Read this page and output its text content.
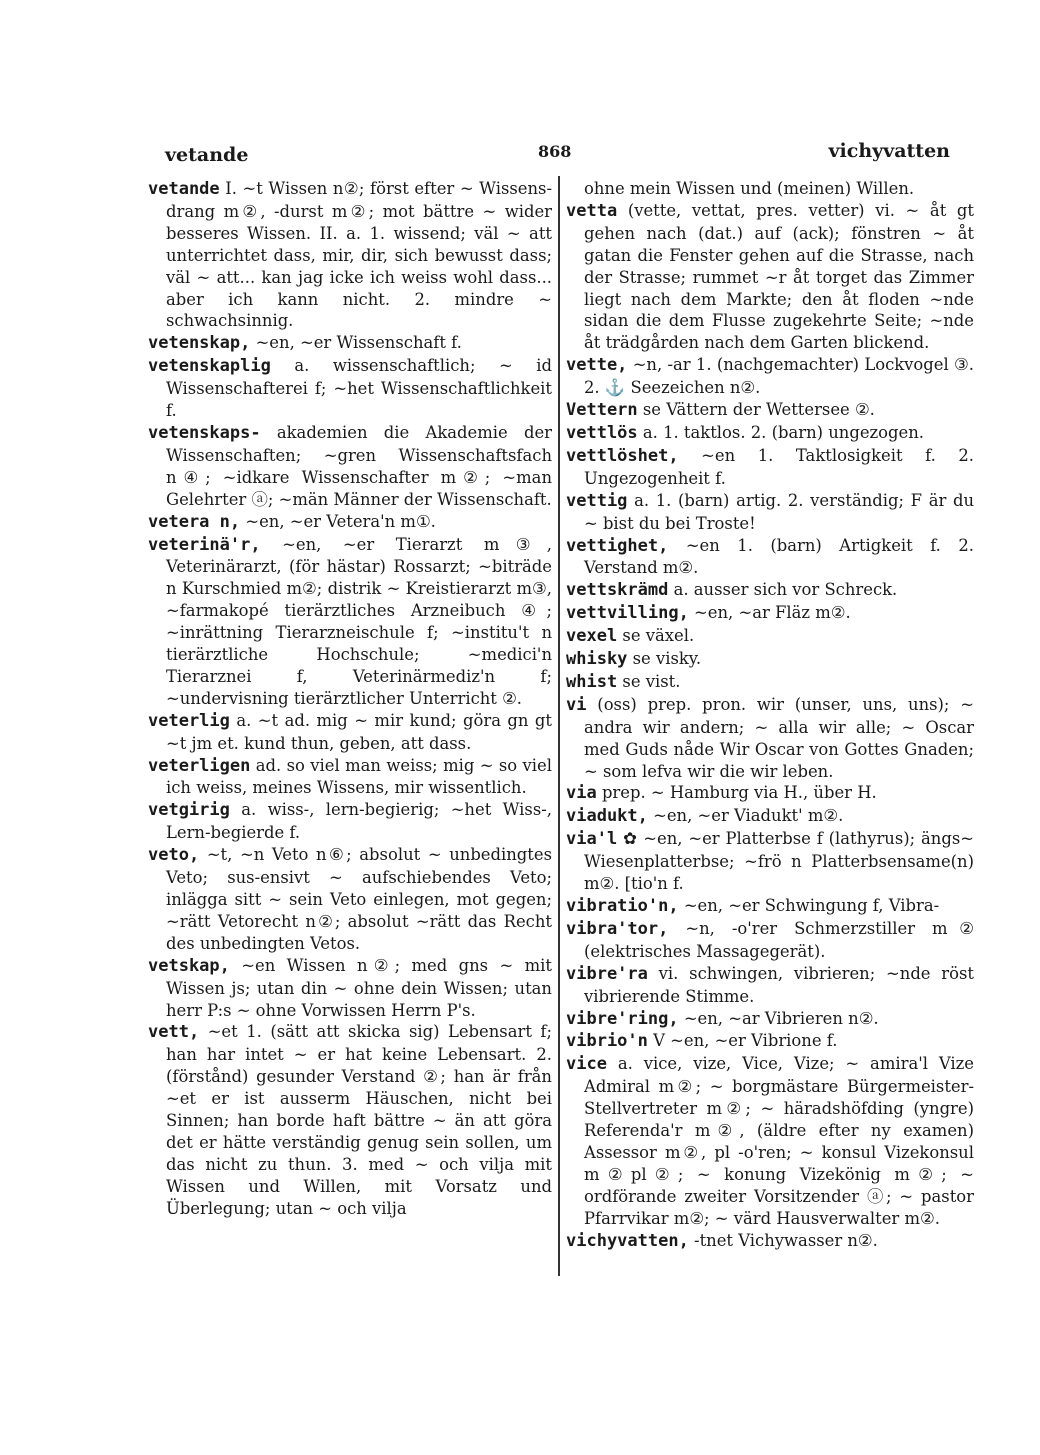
vetande	868	vichyvatten

vetande I. ~t Wissen n②; först efter ~ Wissens-drang m②, -durst m②; mot bättre ~ wider besseres Wissen. II. a. 1. wissend; väl ~ att unterrichtet dass, mir, dir, sich bewusst dass; väl ~ att... kan jag icke ich weiss wohl dass... aber ich kann nicht. 2. mindre ~ schwachsinnig.

vetenskap, ~en, ~er Wissenschaft f.

vetenskaplig a. wissenschaftlich; ~ id Wissenschafterei f; ~het Wissenschaftlichkeit f.

vetenskaps- akademien die Akademie der Wissenschaften; ~gren Wissenschaftsfach n④; ~idkare Wissenschafter m②; ~man Gelehrter ⓐ; ~män Männer der Wissenschaft.

vetera n, ~en, ~er Vetera'n m①.

veterinä'r, ~en, ~er Tierarzt m③, Veterinärarzt, (för hästar) Rossarzt; ~biträde n Kurschmied m②; distrik ~ Kreistierarzt m③, ~farmakopé tierärztliches Arzneibuch ④; ~inrättning Tierarzneischule f; ~institu't n tierärztliche Hochschule; ~medici'n Tierarznei f, Veterinärmediz'n f; ~undervisning tierärztlicher Unterricht ②.

veterlig a. ~t ad. mig ~ mir kund; göra gn gt ~t jm et. kund thun, geben, att dass.

veterligen ad. so viel man weiss; mig ~ so viel ich weiss, meines Wissens, mir wissentlich.

vetgirig a. wiss-, lern-begierig; ~het Wiss-, Lern-begierde f.

veto, ~t, ~n Veto n⑥; absolut ~ unbedingtes Veto; sus-ensivt ~ aufschiebendes Veto; inlägga sitt ~ sein Veto einlegen, mot gegen; ~rätt Vetorecht n②; absolut ~rätt das Recht des unbedingten Vetos.

vetskap, ~en Wissen n②; med gns ~ mit Wissen js; utan din ~ ohne dein Wissen; utan herr P:s ~ ohne Vorwissen Herrn P's.

vett, ~et 1. (sätt att skicka sig) Lebensart f; han har intet ~ er hat keine Lebensart. 2. (förstånd) gesunder Verstand ②; han är från ~et er ist ausserm Häuschen, nicht bei Sinnen; han borde haft bättre ~ än att göra det er hätte verständig genug sein sollen, um das nicht zu thun. 3. med ~ och vilja mit Wissen und Willen, mit Vorsatz und Überlegung; utan ~ och vilja

ohne mein Wissen und (meinen) Willen.

vetta (vette, vettat, pres. vetter) vi. ~ åt gt gehen nach (dat.) auf (ack); fönstren ~ åt gatan die Fenster gehen auf die Strasse, nach der Strasse; rummet ~r åt torget das Zimmer liegt nach dem Markte; den åt floden ~nde sidan die dem Flusse zugekehrte Seite; ~nde åt trädgården nach dem Garten blickend.

vette, ~n, -ar 1. (nachgemachter) Lockvogel ③. 2. ⚓ Seezeichen n②.

Vettern se Vättern der Wettersee ②.

vettlös a. 1. taktlos. 2. (barn) ungezogen.

vettlöshet, ~en 1. Taktlosigkeit f. 2. Ungezogenheit f.

vettig a. 1. (barn) artig. 2. verständig; F är du ~ bist du bei Troste!

vettighet, ~en 1. (barn) Artigkeit f. 2. Verstand m②.

vettskrämd a. ausser sich vor Schreck.

vettvilling, ~en, ~ar Fläz m②.

vexel se växel.

whisky se visky.

whist se vist.

vi (oss) prep. pron. wir (unser, uns, uns); ~ andra wir andern; ~ alla wir alle; ~ Oscar med Guds nåde Wir Oscar von Gottes Gnaden; ~ som lefva wir die wir leben.

via prep. ~ Hamburg via H., über H.

viadukt, ~en, ~er Viadukt' m②.

via'l ✿ ~en, ~er Platterbse f (lathyrus); ängs~ Wiesenplatterbse; ~frö n Platterbsensame(n) m②. [tio'n f.

vibratio'n, ~en, ~er Schwingung f, Vibra-

vibra'tor, ~n, -o'rer Schmerzstiller m② (elektrisches Massagegerät).

vibre'ra vi. schwingen, vibrieren; ~nde röst vibrierende Stimme.

vibre'ring, ~en, ~ar Vibrieren n②.

vibrio'n V ~en, ~er Vibrione f.

vice a. vice, vize, Vice, Vize; ~ amira'l Vize Admiral m②; ~ borgmästare Bürgermeister-Stellvertreter m②; ~ häradshöfding (yngre) Referenda'r m②, (äldre efter ny examen) Assessor m②, pl -o'ren; ~ konsul Vizekonsul m②pl②; ~ konung Vizekönig m②; ~ ordförande zweiter Vorsitzender ⓐ; ~ pastor Pfarrvikar m②; ~ värd Hausverwalter m②.

vichyvatten, -tnet Vichywasser n②.
